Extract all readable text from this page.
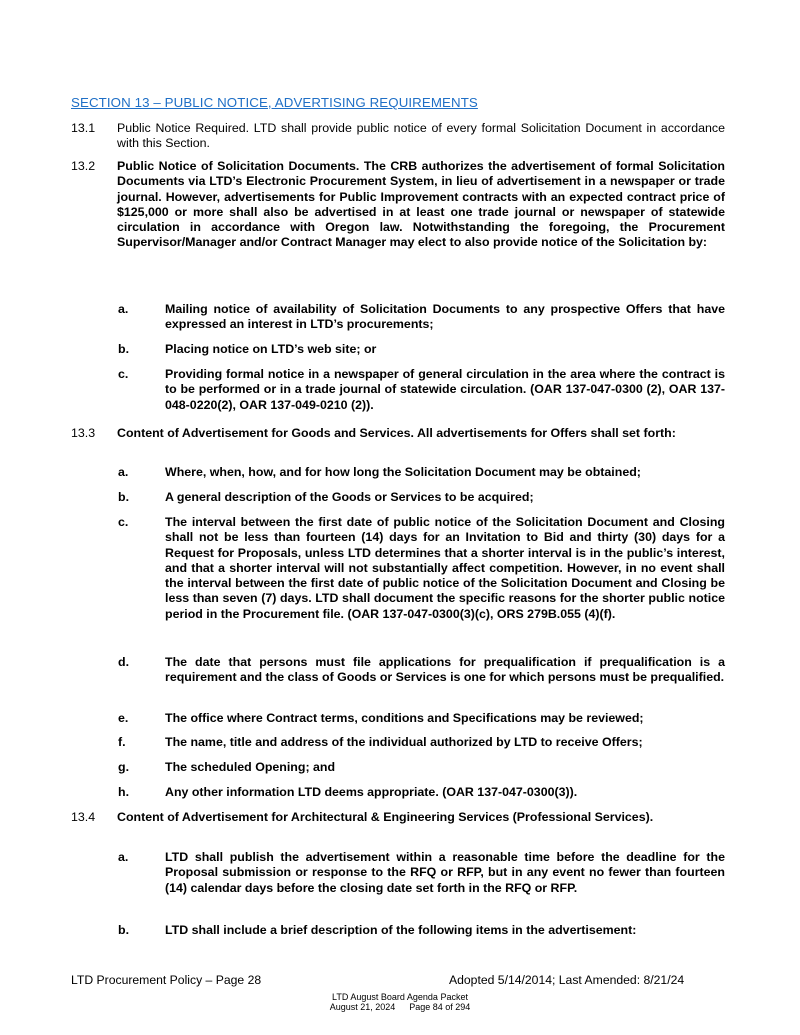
SECTION 13 – PUBLIC NOTICE, ADVERTISING REQUIREMENTS
13.1	Public Notice Required. LTD shall provide public notice of every formal Solicitation Document in accordance with this Section.
13.2	Public Notice of Solicitation Documents. The CRB authorizes the advertisement of formal Solicitation Documents via LTD’s Electronic Procurement System, in lieu of advertisement in a newspaper or trade journal. However, advertisements for Public Improvement contracts with an expected contract price of $125,000 or more shall also be advertised in at least one trade journal or newspaper of statewide circulation in accordance with Oregon law. Notwithstanding the foregoing, the Procurement Supervisor/Manager and/or Contract Manager may elect to also provide notice of the Solicitation by:
a.	Mailing notice of availability of Solicitation Documents to any prospective Offers that have expressed an interest in LTD’s procurements;
b.	Placing notice on LTD’s web site; or
c.	Providing formal notice in a newspaper of general circulation in the area where the contract is to be performed or in a trade journal of statewide circulation. (OAR 137-047-0300 (2), OAR 137-048-0220(2), OAR 137-049-0210 (2)).
13.3	Content of Advertisement for Goods and Services. All advertisements for Offers shall set forth:
a.	Where, when, how, and for how long the Solicitation Document may be obtained;
b.	A general description of the Goods or Services to be acquired;
c.	The interval between the first date of public notice of the Solicitation Document and Closing shall not be less than fourteen (14) days for an Invitation to Bid and thirty (30) days for a Request for Proposals, unless LTD determines that a shorter interval is in the public’s interest, and that a shorter interval will not substantially affect competition. However, in no event shall the interval between the first date of public notice of the Solicitation Document and Closing be less than seven (7) days. LTD shall document the specific reasons for the shorter public notice period in the Procurement file. (OAR 137-047-0300(3)(c), ORS 279B.055 (4)(f).
d.	The date that persons must file applications for prequalification if prequalification is a requirement and the class of Goods or Services is one for which persons must be prequalified.
e.	The office where Contract terms, conditions and Specifications may be reviewed;
f.	The name, title and address of the individual authorized by LTD to receive Offers;
g.	The scheduled Opening; and
h.	Any other information LTD deems appropriate. (OAR 137-047-0300(3)).
13.4	Content of Advertisement for Architectural & Engineering Services (Professional Services).
a.	LTD shall publish the advertisement within a reasonable time before the deadline for the Proposal submission or response to the RFQ or RFP, but in any event no fewer than fourteen (14) calendar days before the closing date set forth in the RFQ or RFP.
b.	LTD shall include a brief description of the following items in the advertisement:
LTD Procurement Policy – Page 28	Adopted 5/14/2014; Last Amended: 8/21/24
LTD August Board Agenda Packet
August 21, 2024 Page 84 of 294
